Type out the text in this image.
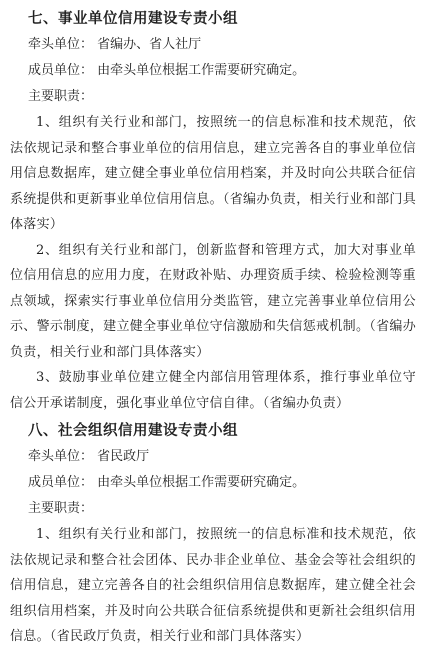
七、事业单位信用建设专责小组

牵头单位： 省编办、省人社厅

成员单位： 由牵头单位根据工作需要研究确定。

主要职责：

1、组织有关行业和部门，按照统一的信息标准和技术规范，依法依规记录和整合事业单位的信用信息，建立完善各自的事业单位信用信息数据库，建立健全事业单位信用档案，并及时向公共联合征信系统提供和更新事业单位信用信息。（省编办负责，相关行业和部门具体落实）

2、组织有关行业和部门，创新监督和管理方式，加大对事业单位信用信息的应用力度，在财政补贴、办理资质手续、检验检测等重点领域，探索实行事业单位信用分类监管，建立完善事业单位信用公示、警示制度，建立健全事业单位守信激励和失信惩戒机制。（省编办负责，相关行业和部门具体落实）

3、鼓励事业单位建立健全内部信用管理体系，推行事业单位守信公开承诺制度，强化事业单位守信自律。（省编办负责）

八、社会组织信用建设专责小组

牵头单位： 省民政厅

成员单位： 由牵头单位根据工作需要研究确定。

主要职责：

1、组织有关行业和部门，按照统一的信息标准和技术规范，依法依规记录和整合社会团体、民办非企业单位、基金会等社会组织的信用信息，建立完善各自的社会组织信用信息数据库，建立健全社会组织信用档案，并及时向公共联合征信系统提供和更新社会组织信用信息。（省民政厅负责，相关行业和部门具体落实）
